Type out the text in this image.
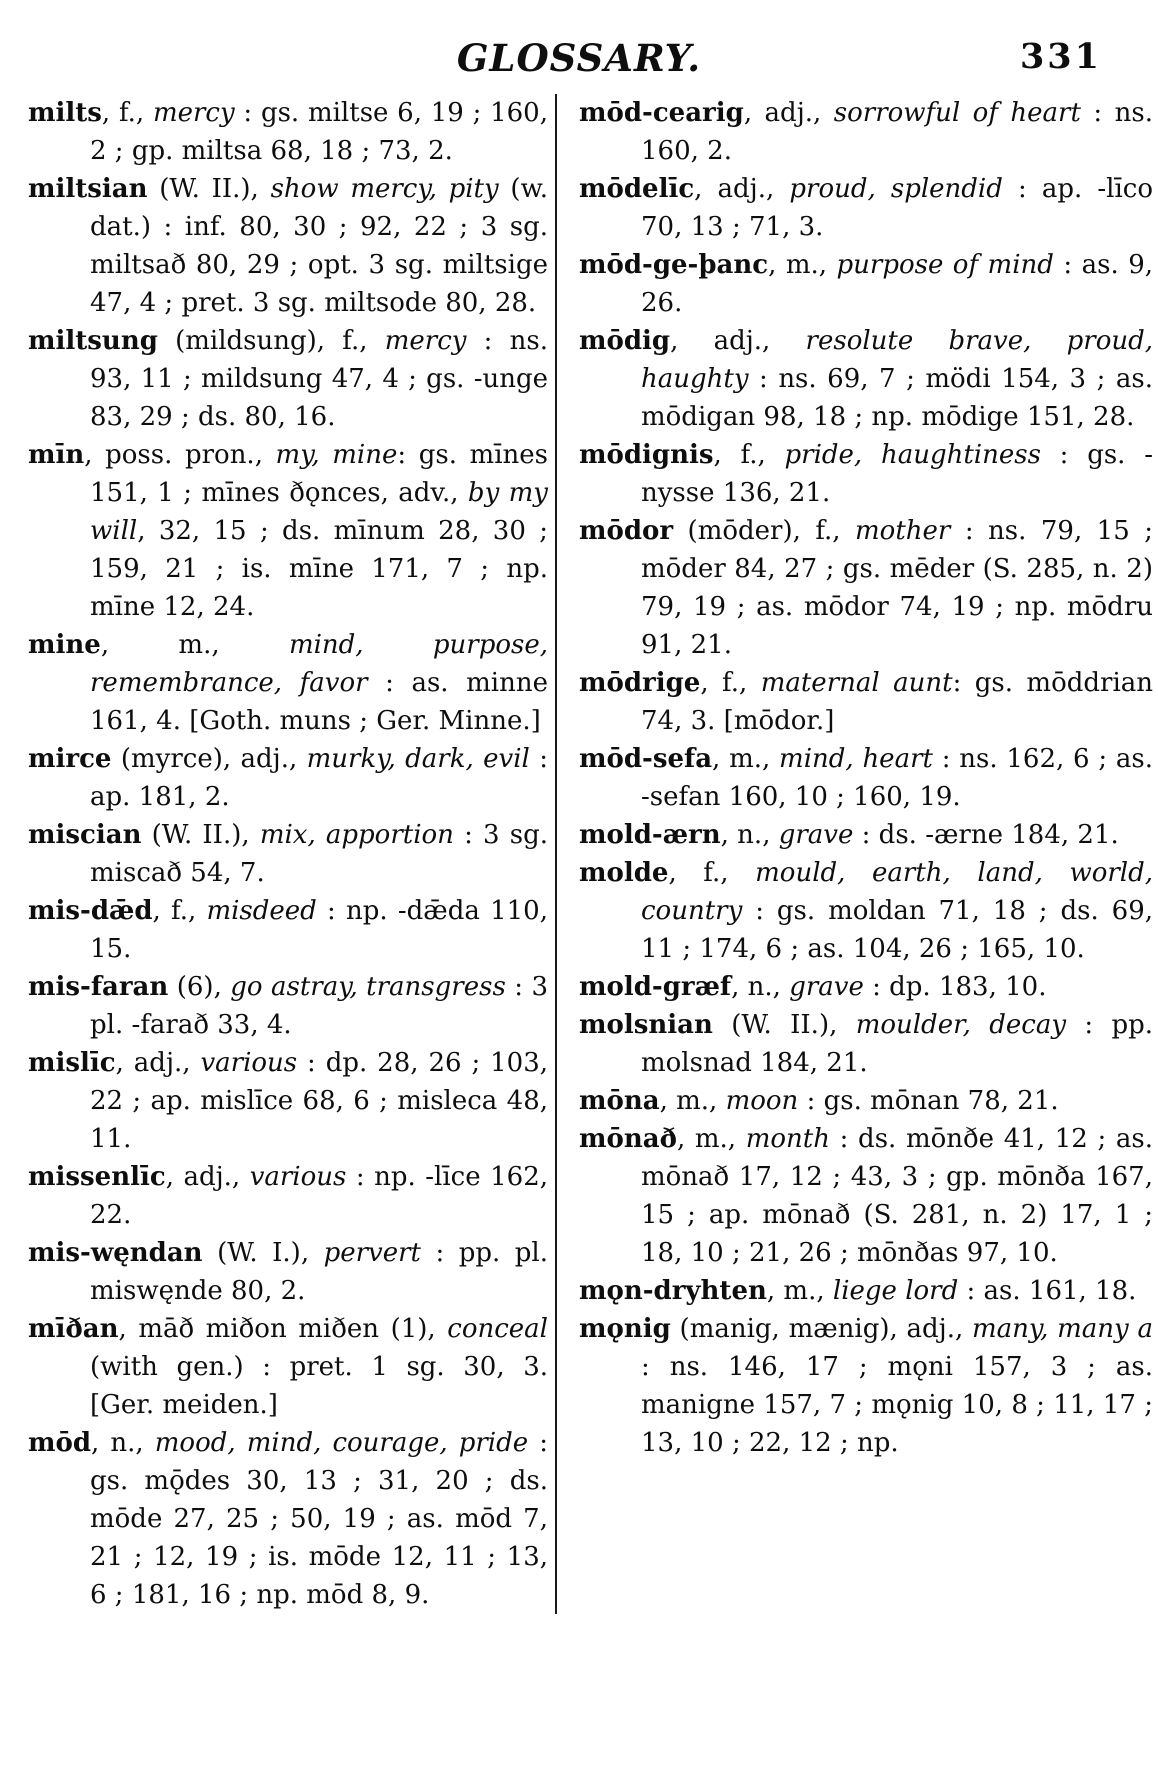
GLOSSARY.	331

milts, f., mercy : gs. miltse 6, 19 ; 160, 2 ; gp. miltsa 68, 18 ; 73, 2.

miltsian (W. II.), show mercy, pity (w. dat.) : inf. 80, 30 ; 92, 22 ; 3 sg. miltsað 80, 29 ; opt. 3 sg. miltsige 47, 4 ; pret. 3 sg. miltsode 80, 28.

miltsung (mildsung), f., mercy : ns. 93, 11 ; mildsung 47, 4 ; gs. -unge 83, 29 ; ds. 80, 16.

mīn, poss. pron., my, mine: gs. mīnes 151, 1 ; mīnes ðǫnces, adv., by my will, 32, 15 ; ds. mīnum 28, 30 ; 159, 21 ; is. mīne 171, 7 ; np. mīne 12, 24.

mine, m., mind, purpose, remembrance, favor : as. minne 161, 4. [Goth. muns ; Ger. Minne.]

mirce (myrce), adj., murky, dark, evil : ap. 181, 2.

miscian (W. II.), mix, apportion : 3 sg. miscað 54, 7.

mis-dǣd, f., misdeed : np. -dǣda 110, 15.

mis-faran (6), go astray, transgress : 3 pl. -farað 33, 4.

mislīc, adj., various : dp. 28, 26 ; 103, 22 ; ap. mislīce 68, 6 ; misleca 48, 11.

missenlīc, adj., various : np. -līce 162, 22.

mis-węndan (W. I.), pervert : pp. pl. miswęnde 80, 2.

mīðan, māð miðon miðen (1), conceal (with gen.) : pret. 1 sg. 30, 3. [Ger. meiden.]

mōd, n., mood, mind, courage, pride : gs. mǭdes 30, 13 ; 31, 20 ; ds. mōde 27, 25 ; 50, 19 ; as. mōd 7, 21 ; 12, 19 ; is. mōde 12, 11 ; 13, 6 ; 181, 16 ; np. mōd 8, 9.

mōd-cearig, adj., sorrowful of heart : ns. 160, 2.

mōdelīc, adj., proud, splendid : ap. -līco 70, 13 ; 71, 3.

mōd-ge-þanc, m., purpose of mind : as. 9, 26.

mōdig, adj., resolute brave, proud, haughty : ns. 69, 7 ; mödi 154, 3 ; as. mōdigan 98, 18 ; np. mōdige 151, 28.

mōdignis, f., pride, haughtiness : gs. -nysse 136, 21.

mōdor (mōder), f., mother : ns. 79, 15 ; mōder 84, 27 ; gs. mēder (S. 285, n. 2) 79, 19 ; as. mōdor 74, 19 ; np. mōdru 91, 21.

mōdrige, f., maternal aunt: gs. mōddrian 74, 3. [mōdor.]

mōd-sefa, m., mind, heart : ns. 162, 6 ; as. -sefan 160, 10 ; 160, 19.

mold-ærn, n., grave : ds. -ærne 184, 21.

molde, f., mould, earth, land, world, country : gs. moldan 71, 18 ; ds. 69, 11 ; 174, 6 ; as. 104, 26 ; 165, 10.

mold-græf, n., grave : dp. 183, 10.

molsnian (W. II.), moulder, decay : pp. molsnad 184, 21.

mōna, m., moon : gs. mōnan 78, 21.

mōnað, m., month : ds. mōnðe 41, 12 ; as. mōnað 17, 12 ; 43, 3 ; gp. mōnða 167, 15 ; ap. mōnað (S. 281, n. 2) 17, 1 ; 18, 10 ; 21, 26 ; mōnðas 97, 10.

mǫn-dryhten, m., liege lord : as. 161, 18.

mǫnig (manig, mænig), adj., many, many a : ns. 146, 17 ; mǫni 157, 3 ; as. manigne 157, 7 ; mǫnig 10, 8 ; 11, 17 ; 13, 10 ; 22, 12 ; np.
